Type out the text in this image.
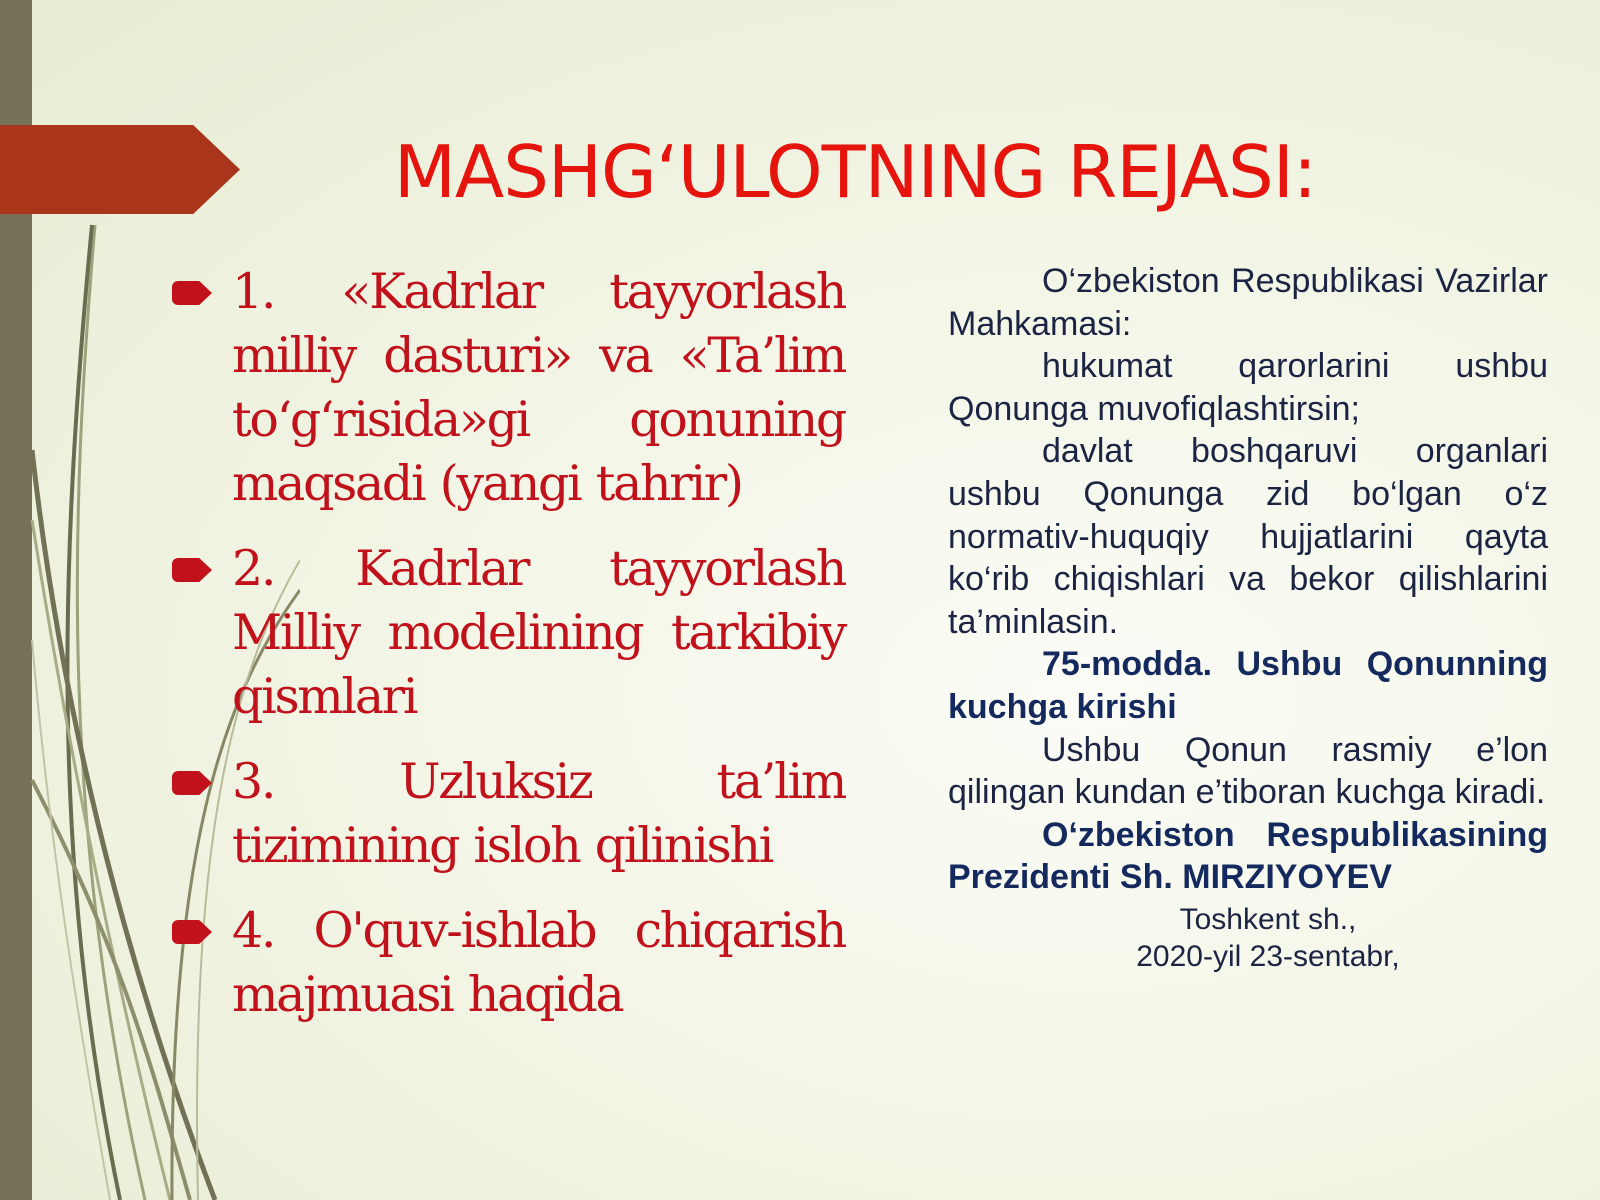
MASHG‘ULOTNING REJASI:
1. «Kadrlar tayyorlash milliy dasturi» va «Ta’lim to‘g‘risida»gi qonuning maqsadi (yangi tahrir)
2. Kadrlar tayyorlash Milliy modelining tarkibiy qismlari
3. Uzluksiz ta’lim tizimining isloh qilinishi
4. O'quv-ishlab chiqarish majmuasi haqida

O‘zbekiston Respublikasi Vazirlar Mahkamasi:

hukumat qarorlarini ushbu Qonunga muvofiqlashtirsin;

davlat boshqaruvi organlari ushbu Qonunga zid bo‘lgan o‘z normativ-huquqiy hujjatlarini qayta ko‘rib chiqishlari va bekor qilishlarini ta’minlasin.

75-modda. Ushbu Qonunning kuchga kirishi

Ushbu Qonun rasmiy e’lon qilingan kundan e’tiboran kuchga kiradi.

O‘zbekiston Respublikasining Prezidenti Sh. MIRZIYOYEV

Toshkent sh.,

2020-yil 23-sentabr,
